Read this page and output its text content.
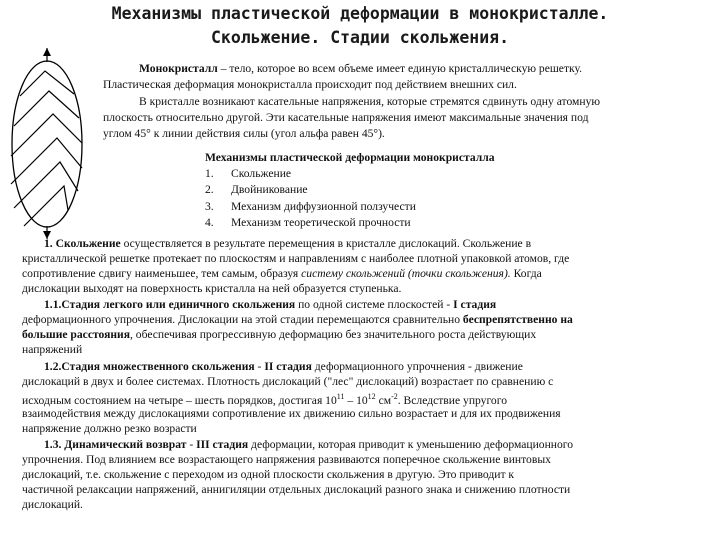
Механизмы пластической деформации в монокристалле.
Скольжение. Стадии скольжения.
Монокристалл – тело, которое во всем объеме имеет единую кристаллическую решетку.
Пластическая деформация монокристалла происходит под действием внешних сил.
В кристалле возникают касательные напряжения, которые стремятся сдвинуть одну атомную
плоскость относительно другой. Эти касательные напряжения имеют максимальные значения под
углом 45° к линии действия силы (угол альфа равен 45°).
Механизмы пластической деформации монокристалла
1. Скольжение
2. Двойникование
3. Механизм диффузионной ползучести
4. Механизм теоретической прочности
1. Скольжение осуществляется в результате перемещения в кристалле дислокаций. Скольжение в
кристаллической решетке протекает по плоскостям и направлениям с наиболее плотной упаковкой атомов, где
сопротивление сдвигу наименьшее, тем самым, образуя систему скольжений (точки скольжения). Когда
дислокации выходят на поверхность кристалла на ней образуется ступенька.
1.1.Стадия легкого или единичного скольжения по одной системе плоскостей - I стадия
деформационного упрочнения. Дислокации на этой стадии перемещаются сравнительно беспрепятственно на
большие расстояния, обеспечивая прогрессивную деформацию без значительного роста действующих
напряжений
1.2.Стадия множественного скольжения - II стадия деформационного упрочнения - движение
дислокаций в двух и более системах. Плотность дислокаций ("лес" дислокаций) возрастает по сравнению с
исходным состоянием на четыре – шесть порядков, достигая $10^{11} - 10^{12}$ $см^{-2}$. Вследствие упругого
взаимодействия между дислокациями сопротивление их движению сильно возрастает и для их продвижения
напряжение должно резко возрасти
1.3. Динамический возврат - III стадия деформации, которая приводит к уменьшению деформационного
упрочнения. Под влиянием все возрастающего напряжения развиваются поперечное скольжение винтовых
дислокаций, т.е. скольжение с переходом из одной плоскости скольжения в другую. Это приводит к
частичной релаксации напряжений, аннигиляции отдельных дислокаций разного знака и снижению плотности
дислокаций.
